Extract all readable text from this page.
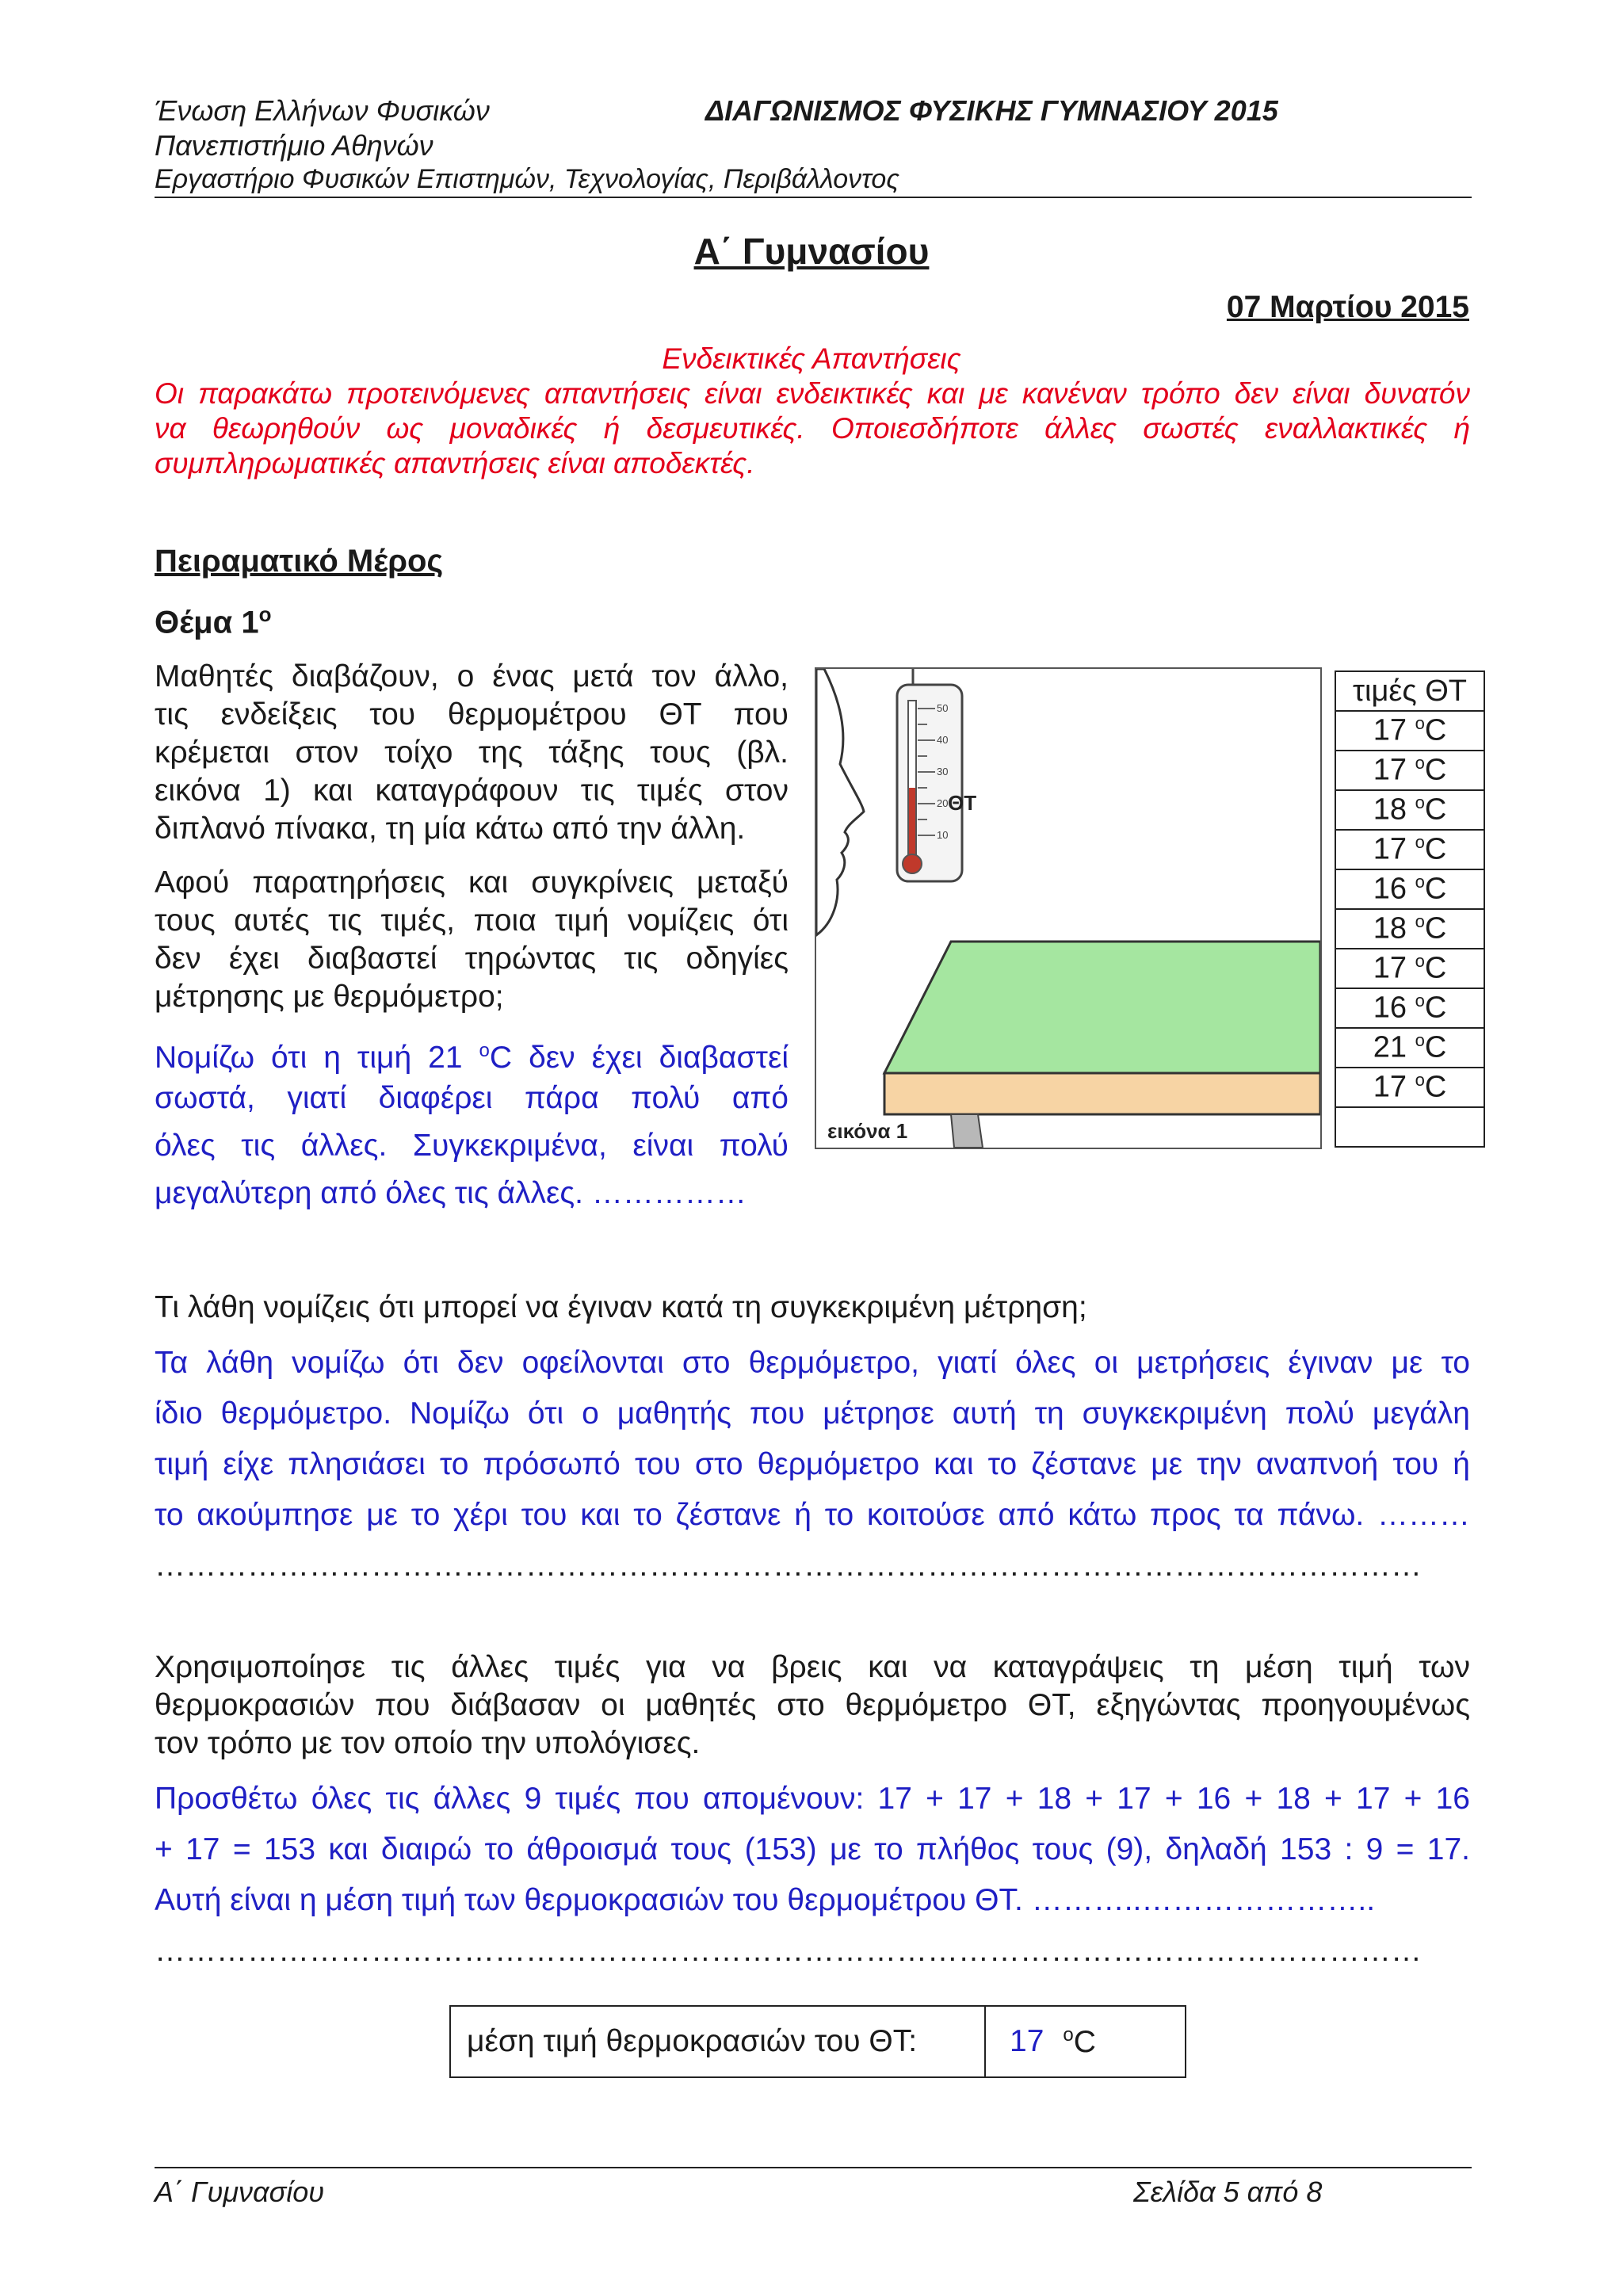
Ένωση Ελλήνων Φυσικών
Πανεπιστήμιο Αθηνών
Εργαστήριο Φυσικών Επιστημών, Τεχνολογίας, Περιβάλλοντος
ΔΙΑΓΩΝΙΣΜΟΣ ΦΥΣΙΚΗΣ ΓΥΜΝΑΣΙΟΥ 2015
Α΄ Γυμνασίου
07 Μαρτίου 2015
Ενδεικτικές Απαντήσεις
Οι παρακάτω προτεινόμενες απαντήσεις είναι ενδεικτικές και με κανέναν τρόπο δεν είναι δυνατόν
να θεωρηθούν ως μοναδικές ή δεσμευτικές. Οποιεσδήποτε άλλες σωστές εναλλακτικές ή
συμπληρωματικές απαντήσεις είναι αποδεκτές.
Πειραματικό Μέρος
Θέμα $1^o$
Μαθητές διαβάζουν, ο ένας μετά τον άλλο,
τις ενδείξεις του θερμομέτρου ΘΤ που
κρέμεται στον τοίχο της τάξης τους (βλ.
εικόνα 1) και καταγράφουν τις τιμές στον
διπλανό πίνακα, τη μία κάτω από την άλλη.
Αφού παρατηρήσεις και συγκρίνεις μεταξύ
τους αυτές τις τιμές, ποια τιμή νομίζεις ότι
δεν έχει διαβαστεί τηρώντας τις οδηγίες
μέτρησης με θερμόμετρο;
Νομίζω ότι η τιμή 21 $^o$C δεν έχει διαβαστεί
σωστά, γιατί διαφέρει πάρα πολύ από
όλες τις άλλες. Συγκεκριμένα, είναι πολύ
μεγαλύτερη από όλες τις άλλες. ……………
50
40
30
20
10
ΘΤ
εικόνα 1
τιμές ΘΤ
17 $^o$C
17 $^o$C
18 $^o$C
17 $^o$C
16 $^o$C
18 $^o$C
17 $^o$C
16 $^o$C
21 $^o$C
17 $^o$C

Τι λάθη νομίζεις ότι μπορεί να έγιναν κατά τη συγκεκριμένη μέτρηση;
Τα λάθη νομίζω ότι δεν οφείλονται στο θερμόμετρο, γιατί όλες οι μετρήσεις έγιναν με το
ίδιο θερμόμετρο. Νομίζω ότι ο μαθητής που μέτρησε αυτή τη συγκεκριμένη πολύ μεγάλη
τιμή είχε πλησιάσει το πρόσωπό του στο θερμόμετρο και το ζέστανε με την αναπνοή του ή
το ακούμπησε με το χέρι του και το ζέστανε ή το κοιτούσε από κάτω προς τα πάνω. ………
……………………………………………………………………………………………………………
Χρησιμοποίησε τις άλλες τιμές για να βρεις και να καταγράψεις τη μέση τιμή των
θερμοκρασιών που διάβασαν οι μαθητές στο θερμόμετρο ΘΤ, εξηγώντας προηγουμένως
τον τρόπο με τον οποίο την υπολόγισες.
Προσθέτω όλες τις άλλες 9 τιμές που απομένουν: 17 + 17 + 18 + 17 + 16 + 18 + 17 + 16
+ 17 = 153 και διαιρώ το άθροισμά τους (153) με το πλήθος τους (9), δηλαδή 153 : 9 = 17.
Αυτή είναι η μέση τιμή των θερμοκρασιών του θερμομέτρου ΘΤ. ………..…………………..
……………………………………………………………………………………………………………
μέση τιμή θερμοκρασιών του ΘΤ:	17 $^o$C
Α΄ Γυμνασίου	Σελίδα 5 από 8
